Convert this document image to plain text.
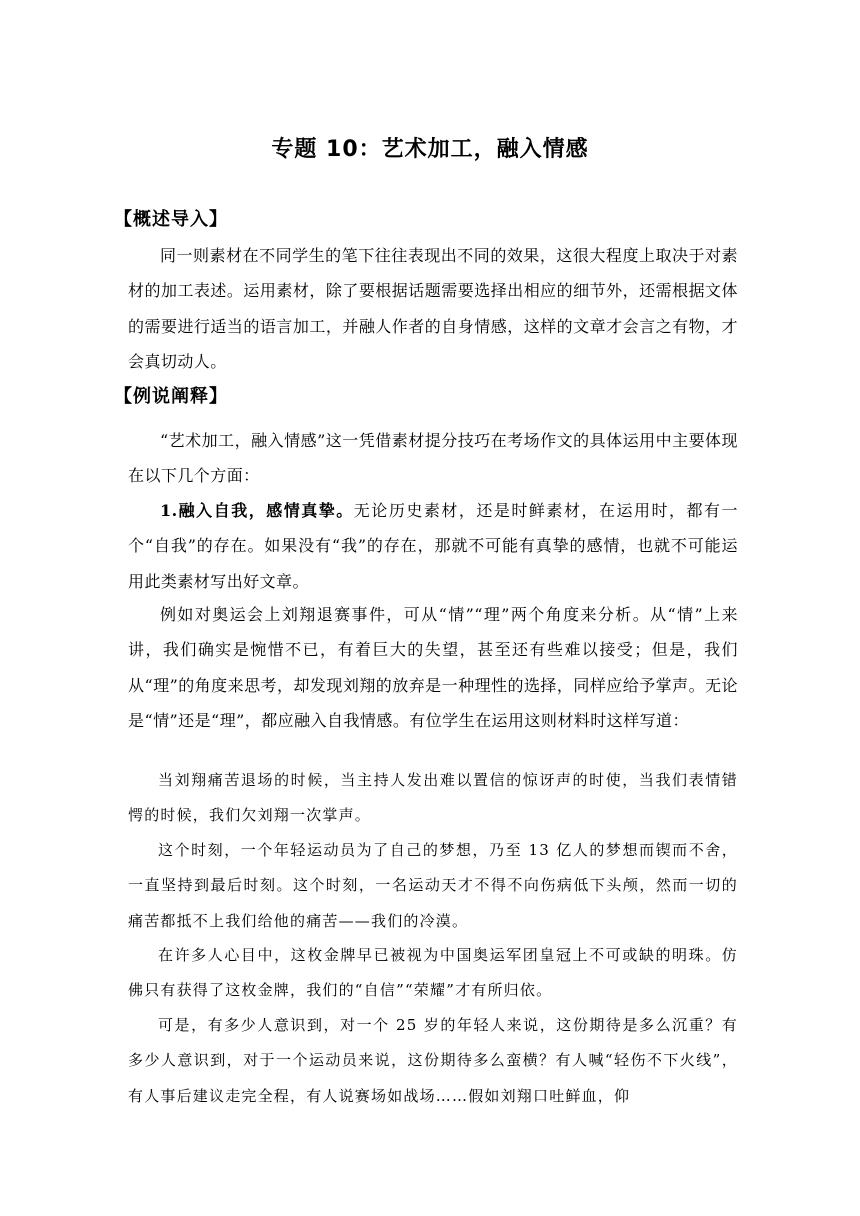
专题 10：艺术加工，融入情感
【概述导入】

同一则素材在不同学生的笔下往往表现出不同的效果，这很大程度上取决于对素材的加工表述。运用素材，除了要根据话题需要选择出相应的细节外，还需根据文体的需要进行适当的语言加工，并融人作者的自身情感，这样的文章才会言之有物，才会真切动人。

【例说阐释】

“艺术加工，融入情感”这一凭借素材提分技巧在考场作文的具体运用中主要体现在以下几个方面：

1.融入自我，感情真挚。无论历史素材，还是时鲜素材，在运用时，都有一个“自我”的存在。如果没有“我”的存在，那就不可能有真挚的感情，也就不可能运用此类素材写出好文章。

例如对奥运会上刘翔退赛事件，可从“情”“理”两个角度来分析。从“情”上来讲，我们确实是惋惜不已，有着巨大的失望，甚至还有些难以接受；但是，我们从“理”的角度来思考，却发现刘翔的放弃是一种理性的选择，同样应给予掌声。无论是“情”还是“理”，都应融入自我情感。有位学生在运用这则材料时这样写道：

当刘翔痛苦退场的时候，当主持人发出难以置信的惊讶声的时使，当我们表情错愕的时候，我们欠刘翔一次掌声。

这个时刻，一个年轻运动员为了自己的梦想，乃至 13 亿人的梦想而锲而不舍，一直坚持到最后时刻。这个时刻，一名运动天才不得不向伤病低下头颅，然而一切的痛苦都抵不上我们给他的痛苦——我们的冷漠。

在许多人心目中，这枚金牌早已被视为中国奥运军团皇冠上不可或缺的明珠。仿佛只有获得了这枚金牌，我们的“自信”“荣耀”才有所归依。

可是，有多少人意识到，对一个 25 岁的年轻人来说，这份期待是多么沉重？有多少人意识到，对于一个运动员来说，这份期待多么蛮横？有人喊“轻伤不下火线”，有人事后建议走完全程，有人说赛场如战场……假如刘翔口吐鲜血，仰
